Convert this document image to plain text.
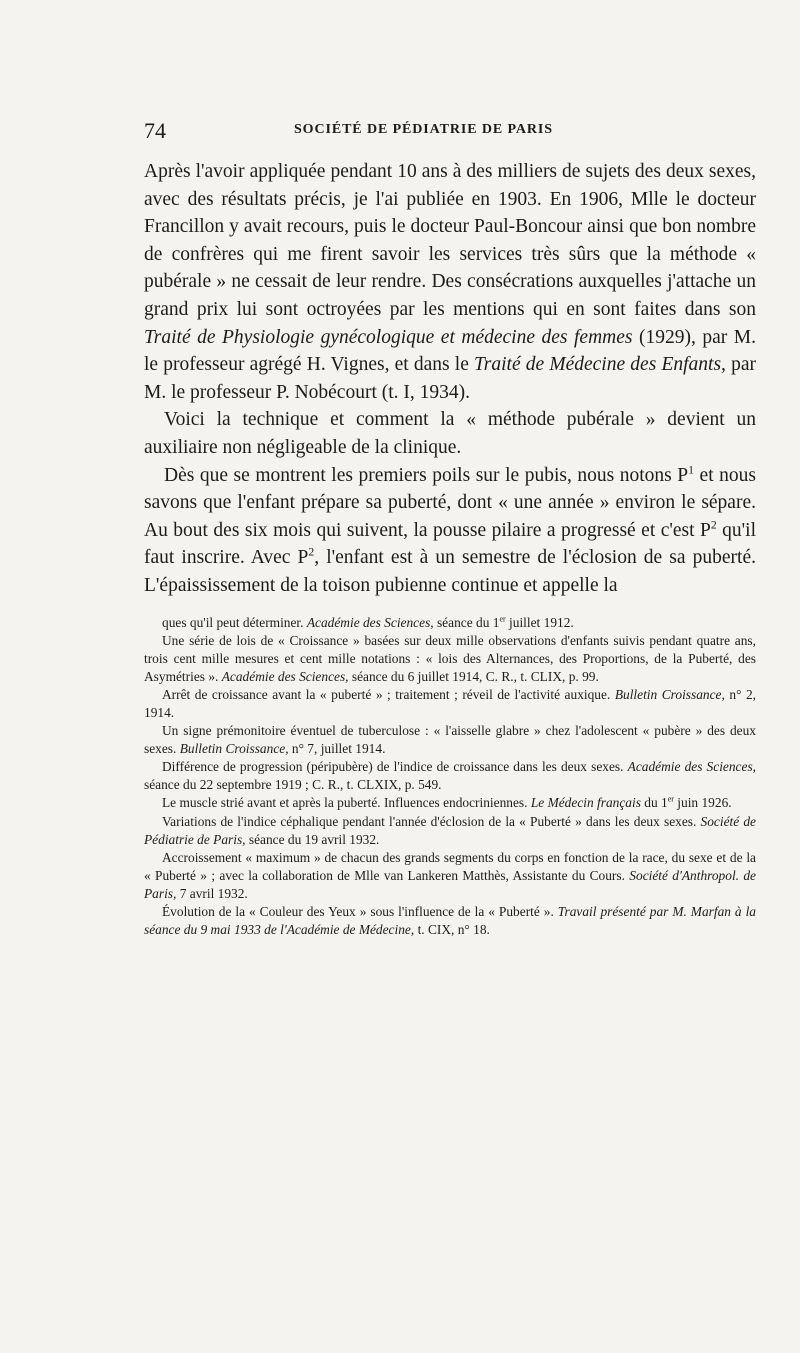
74	SOCIÉTÉ DE PÉDIATRIE DE PARIS

Après l'avoir appliquée pendant 10 ans à des milliers de sujets des deux sexes, avec des résultats précis, je l'ai publiée en 1903. En 1906, Mlle le docteur Francillon y avait recours, puis le docteur Paul-Boncour ainsi que bon nombre de confrères qui me firent savoir les services très sûrs que la méthode « pubérale » ne cessait de leur rendre. Des consécrations auxquelles j'attache un grand prix lui sont octroyées par les mentions qui en sont faites dans son Traité de Physiologie gynécologique et médecine des femmes (1929), par M. le professeur agrégé H. Vignes, et dans le Traité de Médecine des Enfants, par M. le professeur P. Nobécourt (t. I, 1934).

Voici la technique et comment la « méthode pubérale » devient un auxiliaire non négligeable de la clinique.

Dès que se montrent les premiers poils sur le pubis, nous notons $P^1$ et nous savons que l'enfant prépare sa puberté, dont « une année » environ le sépare. Au bout des six mois qui suivent, la pousse pilaire a progressé et c'est $P^2$ qu'il faut inscrire. Avec $P^2$, l'enfant est à un semestre de l'éclosion de sa puberté. L'épaississement de la toison pubienne continue et appelle la

ques qu'il peut déterminer. Académie des Sciences, séance du 1er juillet 1912.

Une série de lois de « Croissance » basées sur deux mille observations d'enfants suivis pendant quatre ans, trois cent mille mesures et cent mille notations : « lois des Alternances, des Proportions, de la Puberté, des Asymétries ». Académie des Sciences, séance du 6 juillet 1914, C. R., t. CLIX, p. 99.

Arrêt de croissance avant la « puberté » ; traitement ; réveil de l'activité auxique. Bulletin Croissance, n° 2, 1914.

Un signe prémonitoire éventuel de tuberculose : « l'aisselle glabre » chez l'adolescent « pubère » des deux sexes. Bulletin Croissance, n° 7, juillet 1914.

Différence de progression (péripubère) de l'indice de croissance dans les deux sexes. Académie des Sciences, séance du 22 septembre 1919 ; C. R., t. CLXIX, p. 549.

Le muscle strié avant et après la puberté. Influences endocriniennes. Le Médecin français du 1er juin 1926.

Variations de l'indice céphalique pendant l'année d'éclosion de la « Puberté » dans les deux sexes. Société de Pédiatrie de Paris, séance du 19 avril 1932.

Accroissement « maximum » de chacun des grands segments du corps en fonction de la race, du sexe et de la « Puberté » ; avec la collaboration de Mlle van Lankeren Matthès, Assistante du Cours. Société d'Anthropol. de Paris, 7 avril 1932.

Évolution de la « Couleur des Yeux » sous l'influence de la « Puberté ». Travail présenté par M. Marfan à la séance du 9 mai 1933 de l'Académie de Médecine, t. CIX, n° 18.
